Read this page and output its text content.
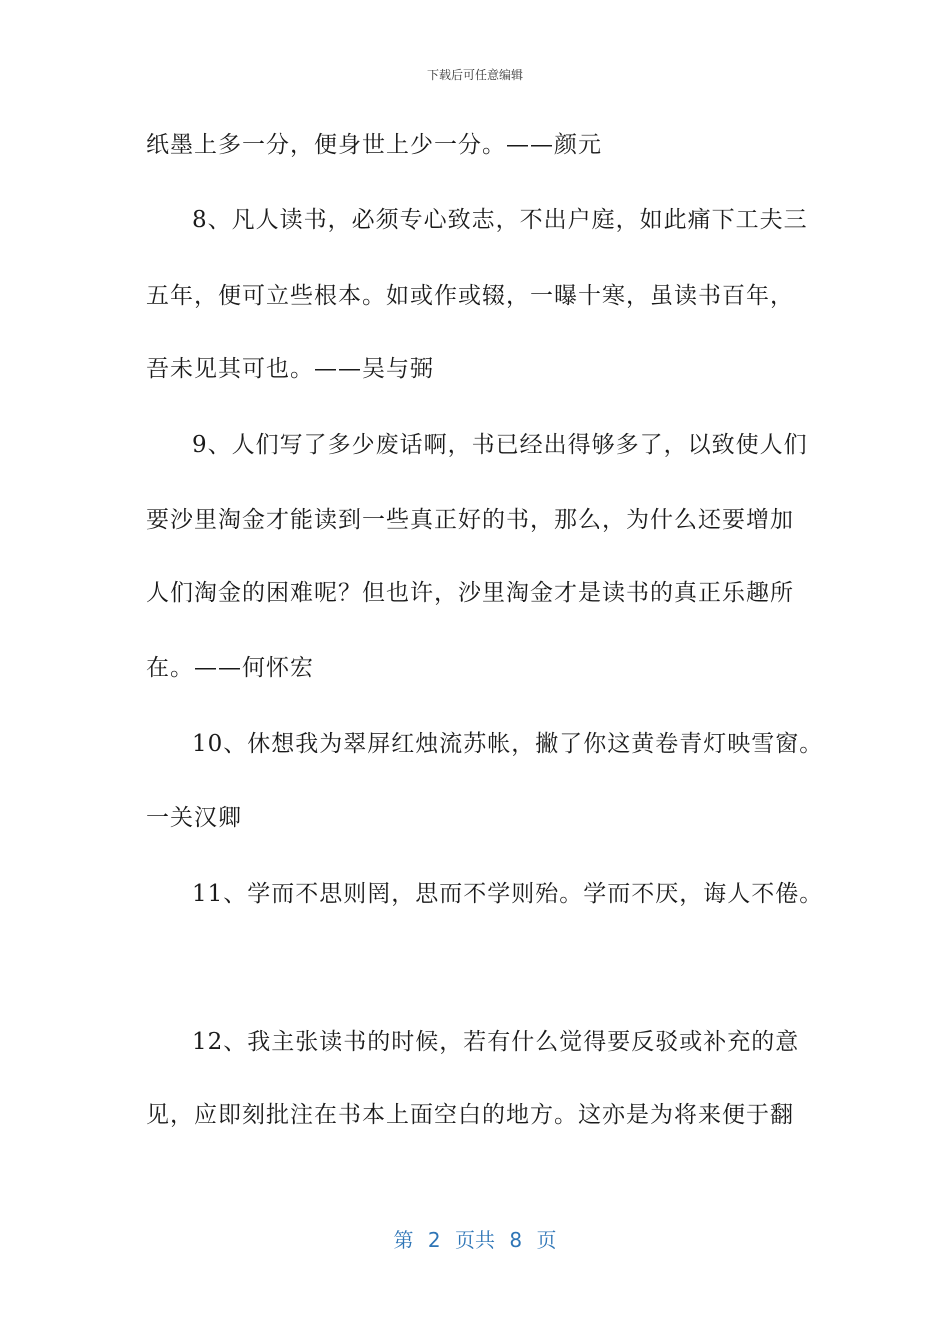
下载后可任意编辑
纸墨上多一分，便身世上少一分。——颜元
8、凡人读书，必须专心致志，不出户庭，如此痛下工夫三
五年，便可立些根本。如或作或辍，一曝十寒，虽读书百年，
吾未见其可也。——吴与弼
9、人们写了多少废话啊，书已经出得够多了，以致使人们
要沙里淘金才能读到一些真正好的书，那么，为什么还要增加
人们淘金的困难呢？但也许，沙里淘金才是读书的真正乐趣所
在。——何怀宏
10、休想我为翠屏红烛流苏帐，撇了你这黄卷青灯映雪窗。
一关汉卿
11、学而不思则罔，思而不学则殆。学而不厌，诲人不倦。
12、我主张读书的时候，若有什么觉得要反驳或补充的意
见，应即刻批注在书本上面空白的地方。这亦是为将来便于翻
第 2 页共 8 页
